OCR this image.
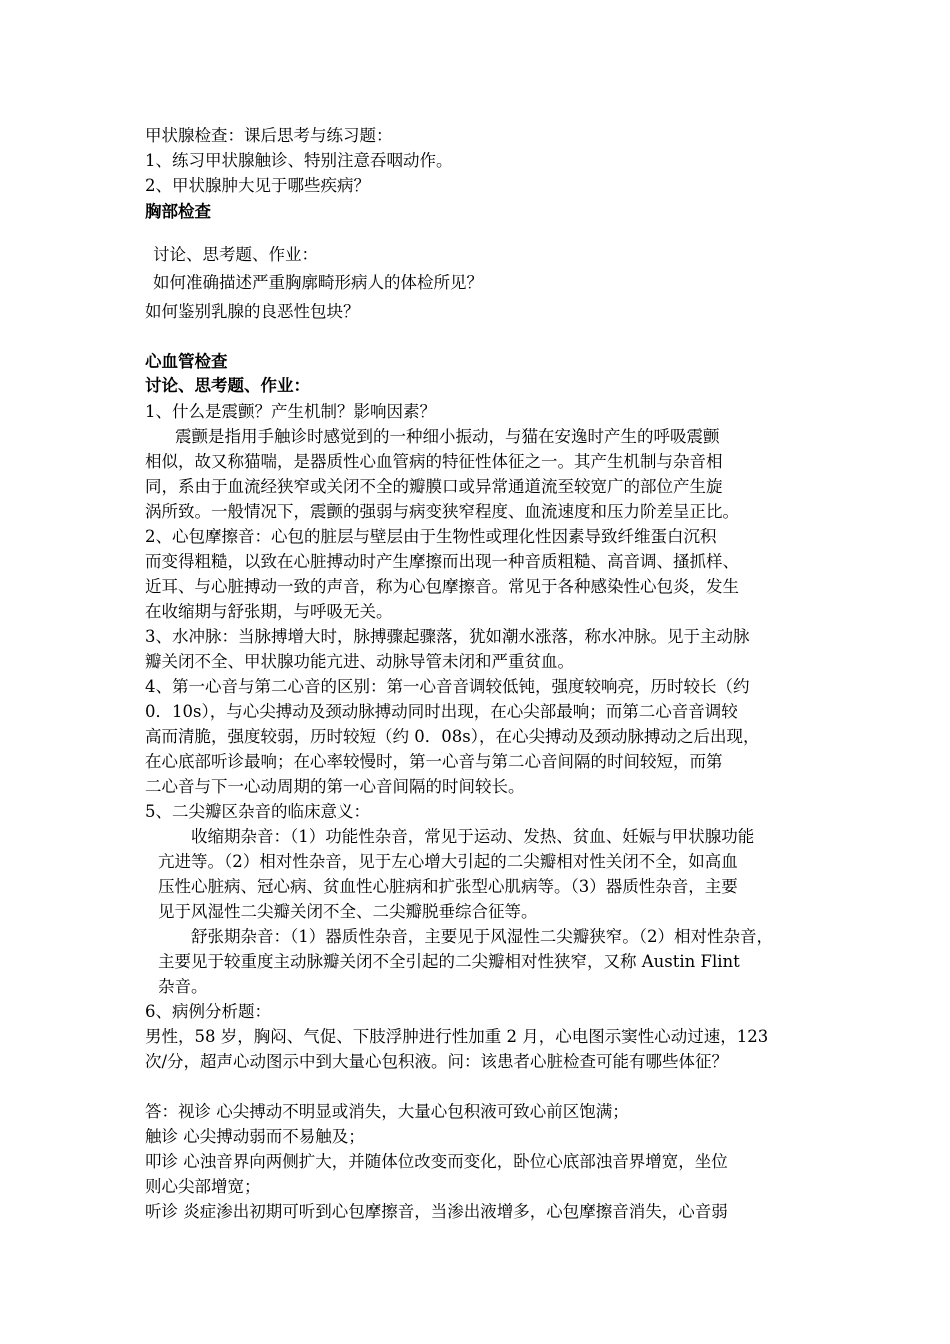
甲状腺检查：课后思考与练习题：
1、练习甲状腺触诊、特别注意吞咽动作。
2、甲状腺肿大见于哪些疾病？
胸部检查
讨论、思考题、作业：
如何准确描述严重胸廓畸形病人的体检所见？
如何鉴别乳腺的良恶性包块？
心血管检查
讨论、思考题、作业：
1、什么是震颤？产生机制？影响因素？
震颤是指用手触诊时感觉到的一种细小振动，与猫在安逸时产生的呼吸震颤
相似，故又称猫喘，是器质性心血管病的特征性体征之一。其产生机制与杂音相
同，系由于血流经狭窄或关闭不全的瓣膜口或异常通道流至较宽广的部位产生旋
涡所致。一般情况下，震颤的强弱与病变狭窄程度、血流速度和压力阶差呈正比。
2、心包摩擦音：心包的脏层与壁层由于生物性或理化性因素导致纤维蛋白沉积
而变得粗糙，以致在心脏搏动时产生摩擦而出现一种音质粗糙、高音调、搔抓样、
近耳、与心脏搏动一致的声音，称为心包摩擦音。常见于各种感染性心包炎，发生
在收缩期与舒张期，与呼吸无关。
3、水冲脉：当脉搏增大时，脉搏骤起骤落，犹如潮水涨落，称水冲脉。见于主动脉
瓣关闭不全、甲状腺功能亢进、动脉导管未闭和严重贫血。
4、第一心音与第二心音的区别：第一心音音调较低钝，强度较响亮，历时较长（约
0．10s），与心尖搏动及颈动脉搏动同时出现，在心尖部最响；而第二心音音调较
高而清脆，强度较弱，历时较短（约 0．08s），在心尖搏动及颈动脉搏动之后出现，
在心底部听诊最响；在心率较慢时，第一心音与第二心音间隔的时间较短，而第
二心音与下一心动周期的第一心音间隔的时间较长。
5、二尖瓣区杂音的临床意义：
收缩期杂音：（1）功能性杂音，常见于运动、发热、贫血、妊娠与甲状腺功能
亢进等。（2）相对性杂音，见于左心增大引起的二尖瓣相对性关闭不全，如高血
压性心脏病、冠心病、贫血性心脏病和扩张型心肌病等。（3）器质性杂音，主要
见于风湿性二尖瓣关闭不全、二尖瓣脱垂综合征等。
舒张期杂音：（1）器质性杂音，主要见于风湿性二尖瓣狭窄。（2）相对性杂音，
主要见于较重度主动脉瓣关闭不全引起的二尖瓣相对性狭窄，又称 Austin Flint
杂音。
6、病例分析题：
男性，58 岁，胸闷、气促、下肢浮肿进行性加重 2 月，心电图示窦性心动过速，123
次/分，超声心动图示中到大量心包积液。问：该患者心脏检查可能有哪些体征？
答：视诊 心尖搏动不明显或消失，大量心包积液可致心前区饱满；
触诊 心尖搏动弱而不易触及；
叩诊 心浊音界向两侧扩大，并随体位改变而变化，卧位心底部浊音界增宽，坐位
则心尖部增宽；
听诊 炎症渗出初期可听到心包摩擦音，当渗出液增多，心包摩擦音消失，心音弱
